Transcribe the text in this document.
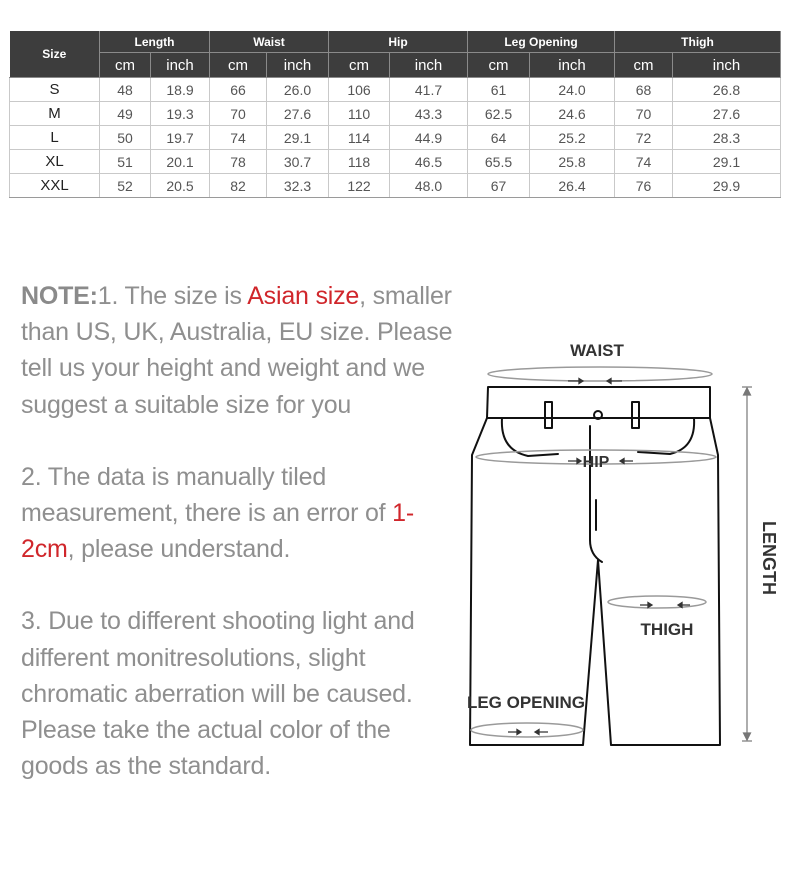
Size	Length		Waist		Hip		Leg Opening		Thigh	
	cm	inch	cm	inch	cm	inch	cm	inch	cm	inch
S	48	18.9	66	26.0	106	41.7	61	24.0	68	26.8
M	49	19.3	70	27.6	110	43.3	62.5	24.6	70	27.6
L	50	19.7	74	29.1	114	44.9	64	25.2	72	28.3
XL	51	20.1	78	30.7	118	46.5	65.5	25.8	74	29.1
XXL	52	20.5	82	32.3	122	48.0	67	26.4	76	29.9

NOTE:1. The size is Asian size, smaller than US, UK, Australia, EU size. Please tell us your height and weight and we suggest a suitable size for you

2. The data is manually tiled measurement, there is an error of 1-2cm, please understand.

3. Due to different shooting light and different monitresolutions, slight chromatic aberration will be caused. Please take the actual color of the goods as the standard.

WAIST
HIP
THIGH
LEG OPENING
LENGTH
